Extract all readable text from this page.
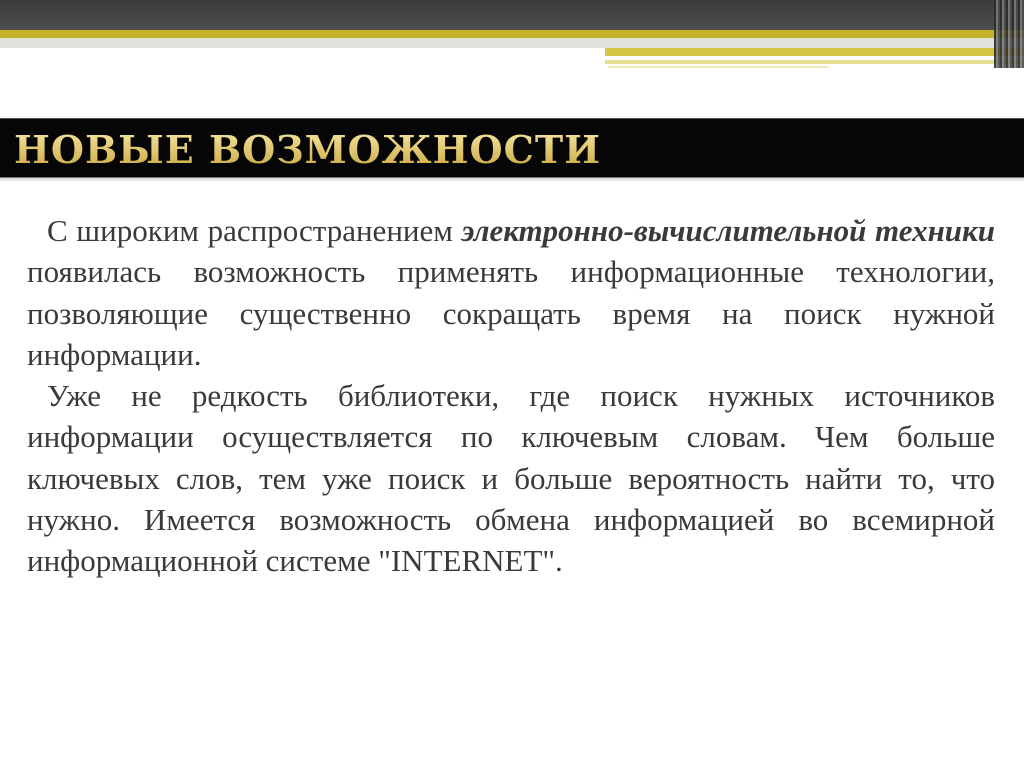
НОВЫЕ ВОЗМОЖНОСТИ

С широким распространением электронно-вычислительной техники появилась возможность применять информационные технологии, позволяющие существенно сокращать время на поиск нужной информации.

Уже не редкость библиотеки, где поиск нужных источников информации осуществляется по ключевым словам. Чем больше ключевых слов, тем уже поиск и больше вероятность найти то, что нужно. Имеется возможность обмена информацией во всемирной информационной системе "INTERNET".
